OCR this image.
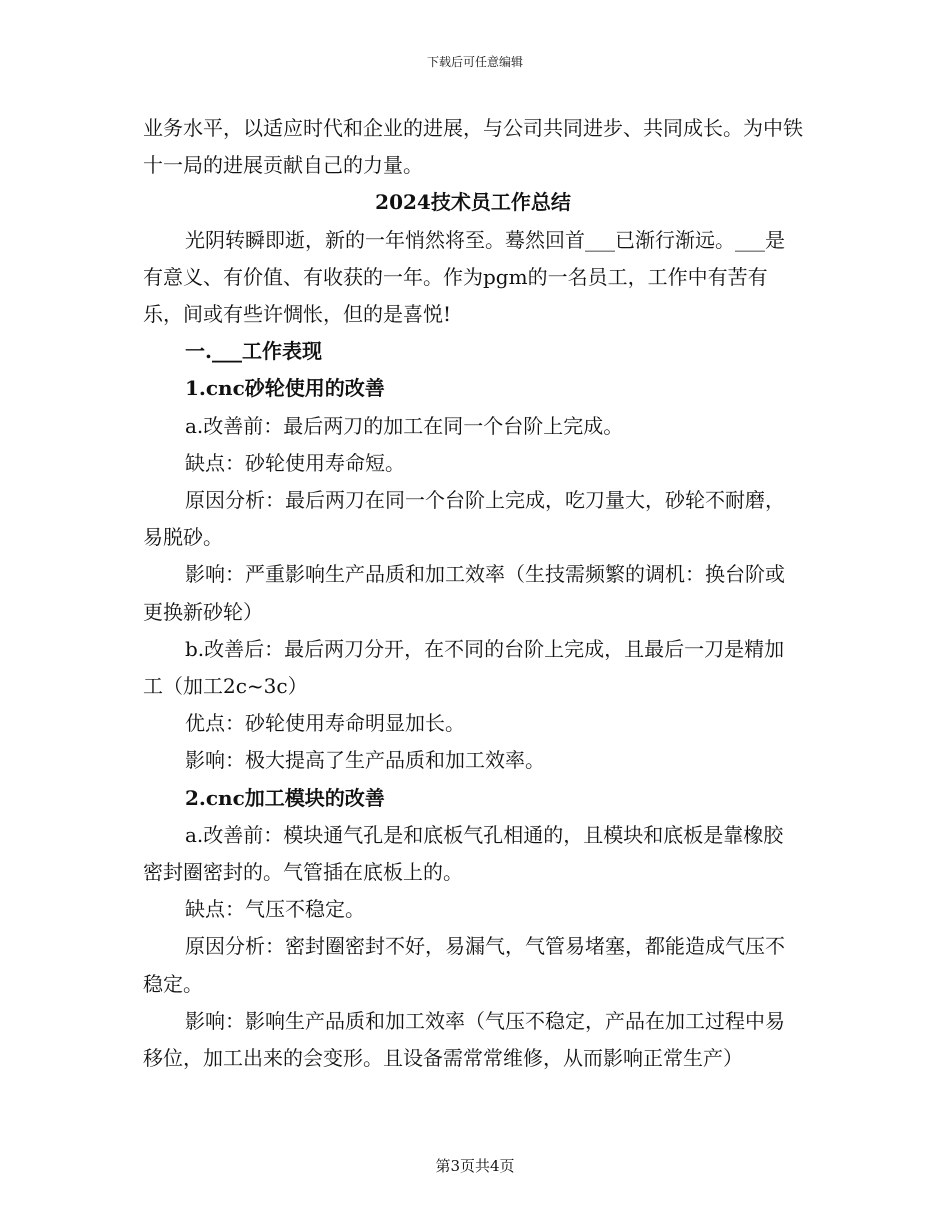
下载后可任意编辑

业务水平，以适应时代和企业的进展，与公司共同进步、共同成长。为中铁十一局的进展贡献自己的力量。

2024技术员工作总结

光阴转瞬即逝，新的一年悄然将至。蓦然回首___已渐行渐远。___是有意义、有价值、有收获的一年。作为pgm的一名员工，工作中有苦有乐，间或有些许惆怅，但的是喜悦!

一.___工作表现

1.cnc砂轮使用的改善

a.改善前：最后两刀的加工在同一个台阶上完成。

缺点：砂轮使用寿命短。

原因分析：最后两刀在同一个台阶上完成，吃刀量大，砂轮不耐磨，易脱砂。

影响：严重影响生产品质和加工效率（生技需频繁的调机：换台阶或更换新砂轮）

b.改善后：最后两刀分开，在不同的台阶上完成，且最后一刀是精加工（加工2c~3c）

优点：砂轮使用寿命明显加长。

影响：极大提高了生产品质和加工效率。

2.cnc加工模块的改善

a.改善前：模块通气孔是和底板气孔相通的，且模块和底板是靠橡胶密封圈密封的。气管插在底板上的。

缺点：气压不稳定。

原因分析：密封圈密封不好，易漏气，气管易堵塞，都能造成气压不稳定。

影响：影响生产品质和加工效率（气压不稳定，产品在加工过程中易移位，加工出来的会变形。且设备需常常维修，从而影响正常生产）

第3页共4页
